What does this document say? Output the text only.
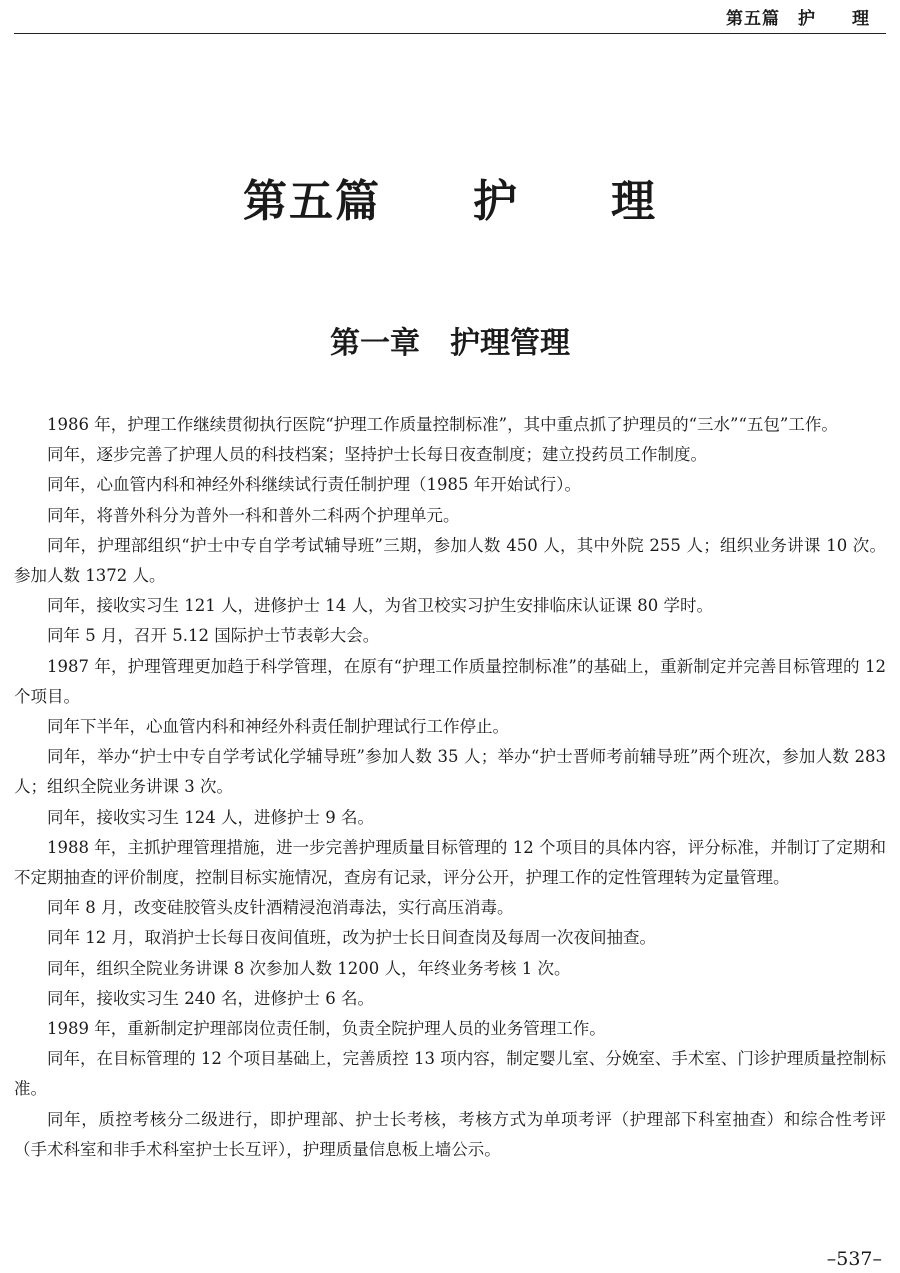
第五篇　护　　理
第五篇　　护　　理
第一章　护理管理

1986 年，护理工作继续贯彻执行医院“护理工作质量控制标准”，其中重点抓了护理员的“三水”“五包”工作。

同年，逐步完善了护理人员的科技档案；坚持护士长每日夜查制度；建立投药员工作制度。

同年，心血管内科和神经外科继续试行责任制护理（1985 年开始试行）。

同年，将普外科分为普外一科和普外二科两个护理单元。

同年，护理部组织“护士中专自学考试辅导班”三期，参加人数 450 人，其中外院 255 人；组织业务讲课 10 次。参加人数 1372 人。

同年，接收实习生 121 人，进修护士 14 人，为省卫校实习护生安排临床认证课 80 学时。

同年 5 月，召开 5.12 国际护士节表彰大会。

1987 年，护理管理更加趋于科学管理，在原有“护理工作质量控制标准”的基础上，重新制定并完善目标管理的 12 个项目。

同年下半年，心血管内科和神经外科责任制护理试行工作停止。

同年，举办“护士中专自学考试化学辅导班”参加人数 35 人；举办“护士晋师考前辅导班”两个班次，参加人数 283 人；组织全院业务讲课 3 次。

同年，接收实习生 124 人，进修护士 9 名。

1988 年，主抓护理管理措施，进一步完善护理质量目标管理的 12 个项目的具体内容，评分标准，并制订了定期和不定期抽查的评价制度，控制目标实施情况，查房有记录，评分公开，护理工作的定性管理转为定量管理。

同年 8 月，改变硅胶管头皮针酒精浸泡消毒法，实行高压消毒。

同年 12 月，取消护士长每日夜间值班，改为护士长日间查岗及每周一次夜间抽查。

同年，组织全院业务讲课 8 次参加人数 1200 人，年终业务考核 1 次。

同年，接收实习生 240 名，进修护士 6 名。

1989 年，重新制定护理部岗位责任制，负责全院护理人员的业务管理工作。

同年，在目标管理的 12 个项目基础上，完善质控 13 项内容，制定婴儿室、分娩室、手术室、门诊护理质量控制标准。

同年，质控考核分二级进行，即护理部、护士长考核，考核方式为单项考评（护理部下科室抽查）和综合性考评（手术科室和非手术科室护士长互评），护理质量信息板上墙公示。

–537–
